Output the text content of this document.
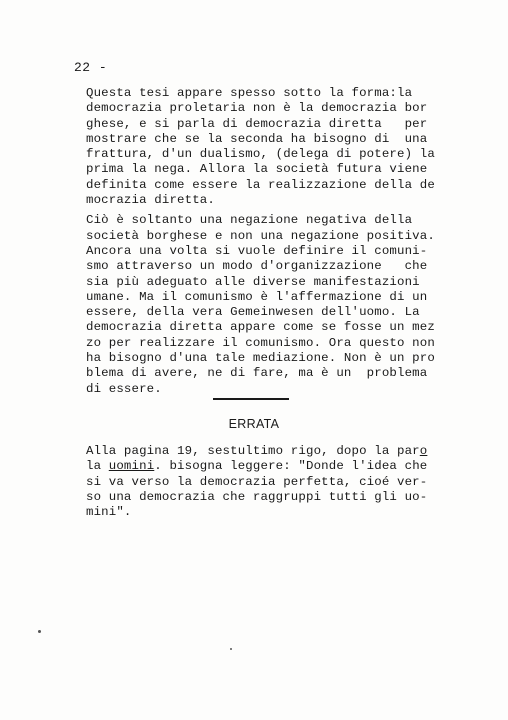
22 -
Questa tesi appare spesso sotto la forma:la
democrazia proletaria non è la democrazia bor
ghese, e si parla di democrazia diretta   per
mostrare che se la seconda ha bisogno di  una
frattura, d'un dualismo, (delega di potere) la
prima la nega. Allora la società futura viene
definita come essere la realizzazione della de
mocrazia diretta.
Ciò è soltanto una negazione negativa della
società borghese e non una negazione positiva.
Ancora una volta si vuole definire il comuni-
smo attraverso un modo d'organizzazione   che
sia più adeguato alle diverse manifestazioni
umane. Ma il comunismo è l'affermazione di un
essere, della vera Gemeinwesen dell'uomo. La
democrazia diretta appare come se fosse un mez
zo per realizzare il comunismo. Ora questo non
ha bisogno d'una tale mediazione. Non è un pro
blema di avere, ne di fare, ma è un  problema
di essere.
ERRATA
Alla pagina 19, sestultimo rigo, dopo la paro
la uomini. bisogna leggere: "Donde l'idea che
si va verso la democrazia perfetta, cioé ver-
so una democrazia che raggruppi tutti gli uo-
mini".
